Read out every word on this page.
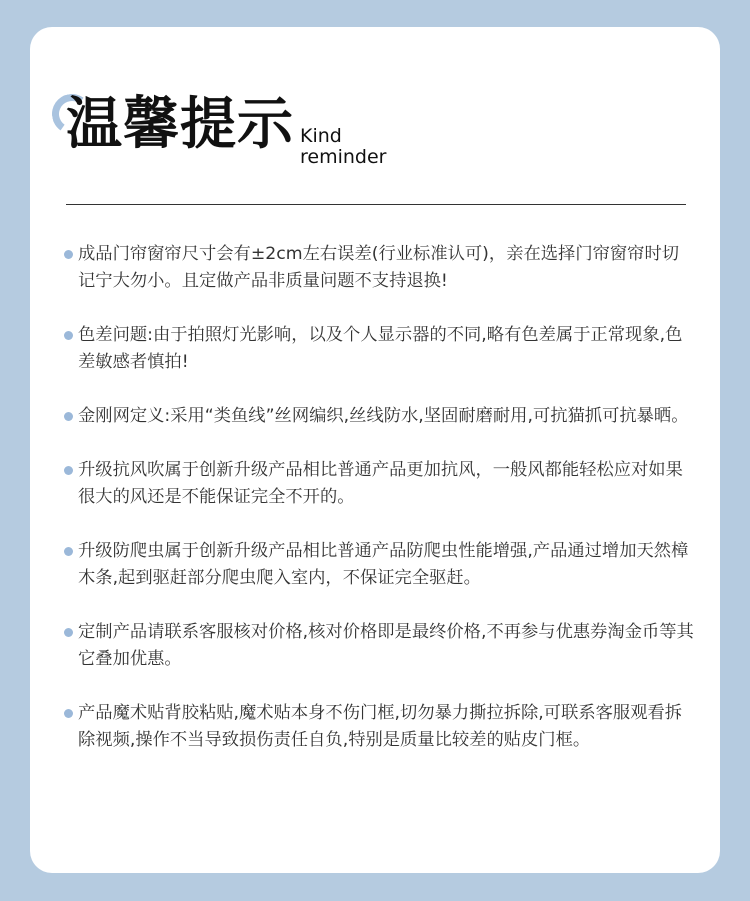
温馨提示 Kind
reminder
成品门帘窗帘尺寸会有±2cm左右误差(行业标准认可)，亲在选择门帘窗帘时切记宁大勿小。且定做产品非质量问题不支持退换!
色差问题:由于拍照灯光影响，以及个人显示器的不同,略有色差属于正常现象,色差敏感者慎拍!
金刚网定义:采用“类鱼线”丝网编织,丝线防水,坚固耐磨耐用,可抗猫抓可抗暴晒。
升级抗风吹属于创新升级产品相比普通产品更加抗风，一般风都能轻松应对如果很大的风还是不能保证完全不开的。
升级防爬虫属于创新升级产品相比普通产品防爬虫性能增强,产品通过增加天然樟木条,起到驱赶部分爬虫爬入室内，不保证完全驱赶。
定制产品请联系客服核对价格,核对价格即是最终价格,不再参与优惠券淘金币等其它叠加优惠。
产品魔术贴背胶粘贴,魔术贴本身不伤门框,切勿暴力撕拉拆除,可联系客服观看拆除视频,操作不当导致损伤责任自负,特别是质量比较差的贴皮门框。
